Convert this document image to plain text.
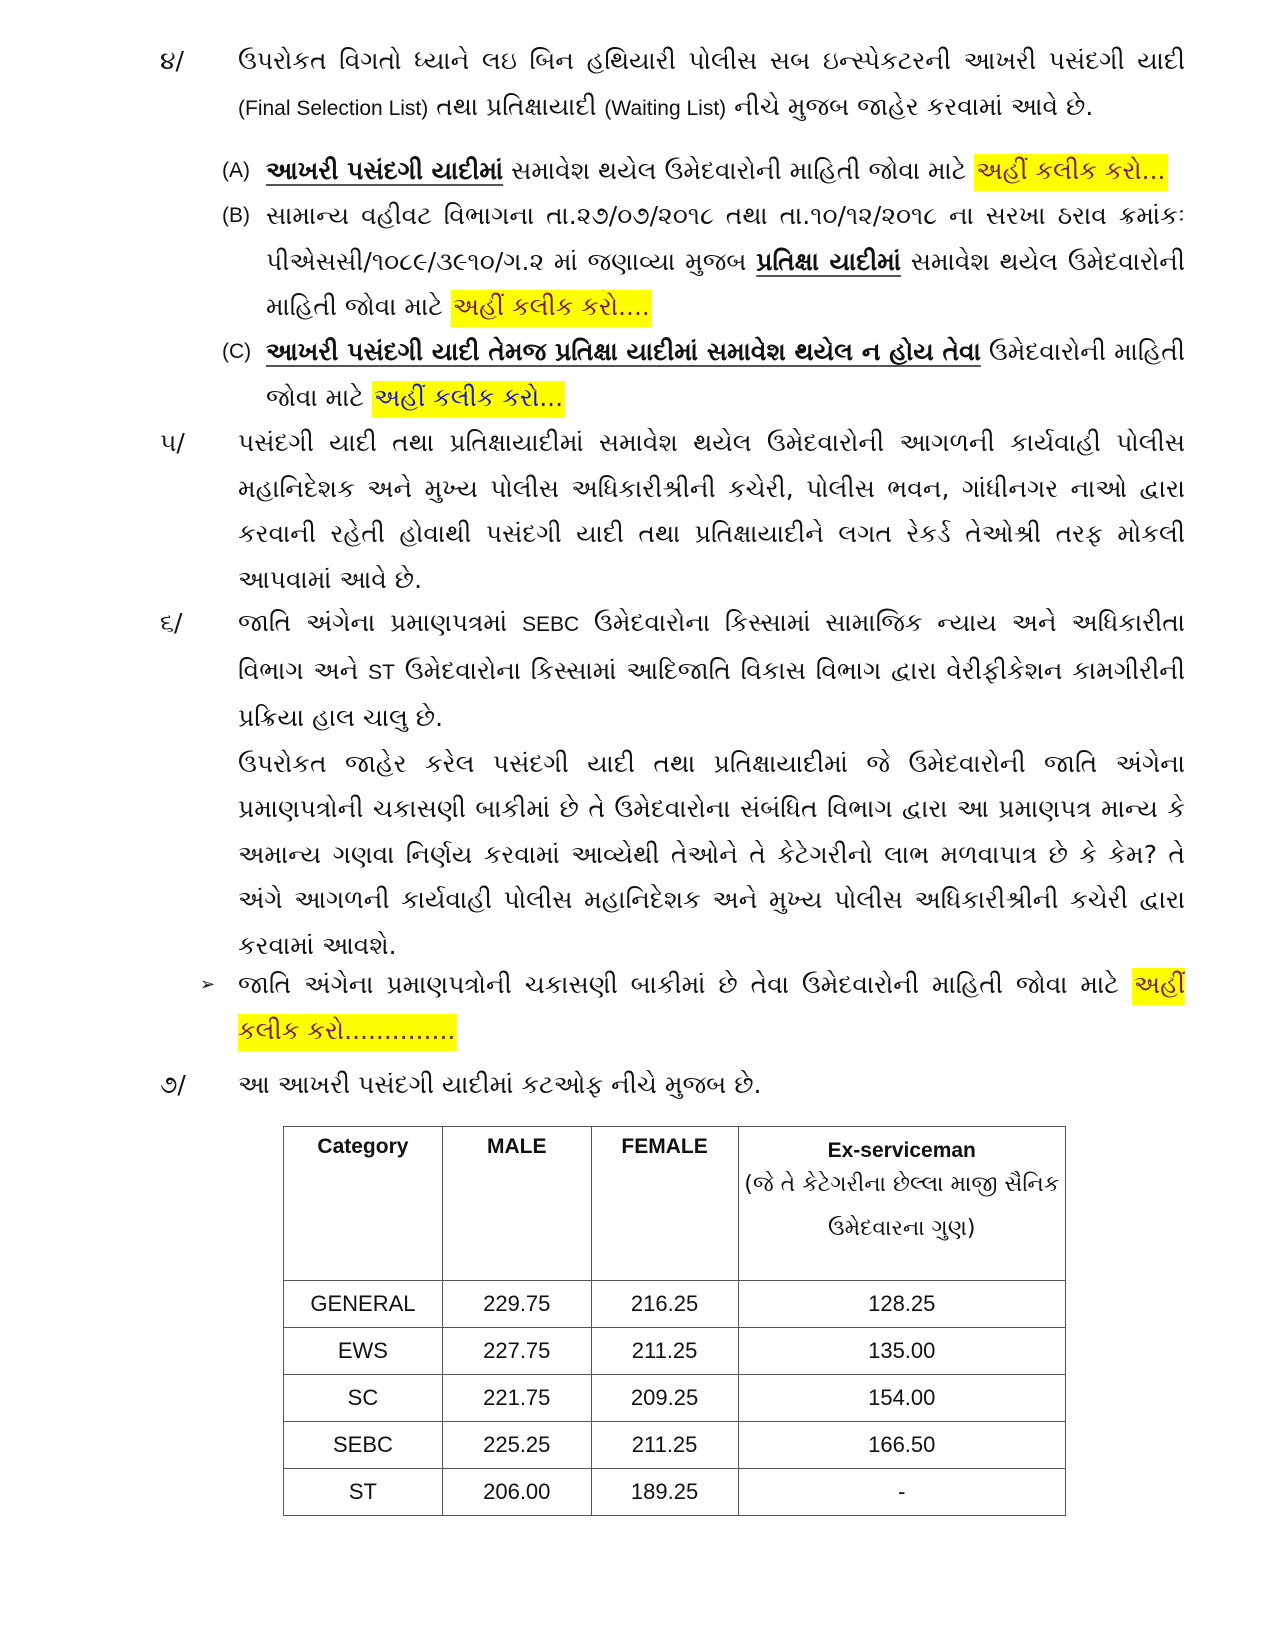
૪/	ઉપરોકત વિગતો ધ્યાને લઇ બિન હથિયારી પોલીસ સબ ઇન્સ્પેકટરની આખરી પસંદગી યાદી (Final Selection List) તથા પ્રતિક્ષાયાદી (Waiting List) નીચે મુજબ જાહેર કરવામાં આવે છે.
(A) આખરી પસંદગી યાદીમાં સમાવેશ થયેલ ઉમેદવારોની માહિતી જોવા માટે અહીં કલીક કરો...
(B) સામાન્ય વહીવટ વિભાગના તા.૨૭/૦૭/૨૦૧૮ તથા તા.૧૦/૧૨/૨૦૧૮ ના સરખા ઠરાવ ક્રમાંકઃ પીએસસી/૧૦૮૯/૩૯૧૦/ગ.૨ માં જણાવ્યા મુજબ પ્રતિક્ષા યાદીમાં સમાવેશ થયેલ ઉમેદવારોની માહિતી જોવા માટે અહીં કલીક કરો....
(C) આખરી પસંદગી યાદી તેમજ પ્રતિક્ષા યાદીમાં સમાવેશ થયેલ ન હોય તેવા ઉમેદવારોની માહિતી જોવા માટે અહીં કલીક કરો...
૫/	પસંદગી યાદી તથા પ્રતિક્ષાયાદીમાં સમાવેશ થયેલ ઉમેદવારોની આગળની કાર્યવાહી પોલીસ મહાનિદેશક અને મુખ્ય પોલીસ અધિકારીશ્રીની કચેરી, પોલીસ ભવન, ગાંધીનગર નાઓ દ્વારા કરવાની રહેતી હોવાથી પસંદગી યાદી તથા પ્રતિક્ષાયાદીને લગત રેકર્ડ તેઓશ્રી તરફ મોકલી આપવામાં આવે છે.
૬/	જાતિ અંગેના પ્રમાણપત્રમાં SEBC ઉમેદવારોના કિસ્સામાં સામાજિક ન્યાય અને અધિકારીતા વિભાગ અને ST ઉમેદવારોના કિસ્સામાં આદિજાતિ વિકાસ વિભાગ દ્વારા વેરીફીકેશન કામગીરીની પ્રક્રિયા હાલ ચાલુ છે.
ઉપરોકત જાહેર કરેલ પસંદગી યાદી તથા પ્રતિક્ષાયાદીમાં જે ઉમેદવારોની જાતિ અંગેના પ્રમાણપત્રોની ચકાસણી બાકીમાં છે તે ઉમેદવારોના સંબંધિત વિભાગ દ્વારા આ પ્રમાણપત્ર માન્ય કે અમાન્ય ગણવા નિર્ણય કરવામાં આવ્યેથી તેઓને તે કેટેગરીનો લાભ મળવાપાત્ર છે કે કેમ? તે અંગે આગળની કાર્યવાહી પોલીસ મહાનિદેશક અને મુખ્ય પોલીસ અધિકારીશ્રીની કચેરી દ્વારા કરવામાં આવશે.
➢ જાતિ અંગેના પ્રમાણપત્રોની ચકાસણી બાકીમાં છે તેવા ઉમેદવારોની માહિતી જોવા માટે અહીં કલીક કરો..............
૭/	આ આખરી પસંદગી યાદીમાં કટઓફ નીચે મુજબ છે.
Category	MALE	FEMALE	Ex-serviceman
(જે તે કેટેગરીના છેલ્લા માજી સૈનિક ઉમેદવારના ગુણ)

GENERAL	229.75	216.25	128.25
EWS	227.75	211.25	135.00
SC	221.75	209.25	154.00
SEBC	225.25	211.25	166.50
ST	206.00	189.25	-
